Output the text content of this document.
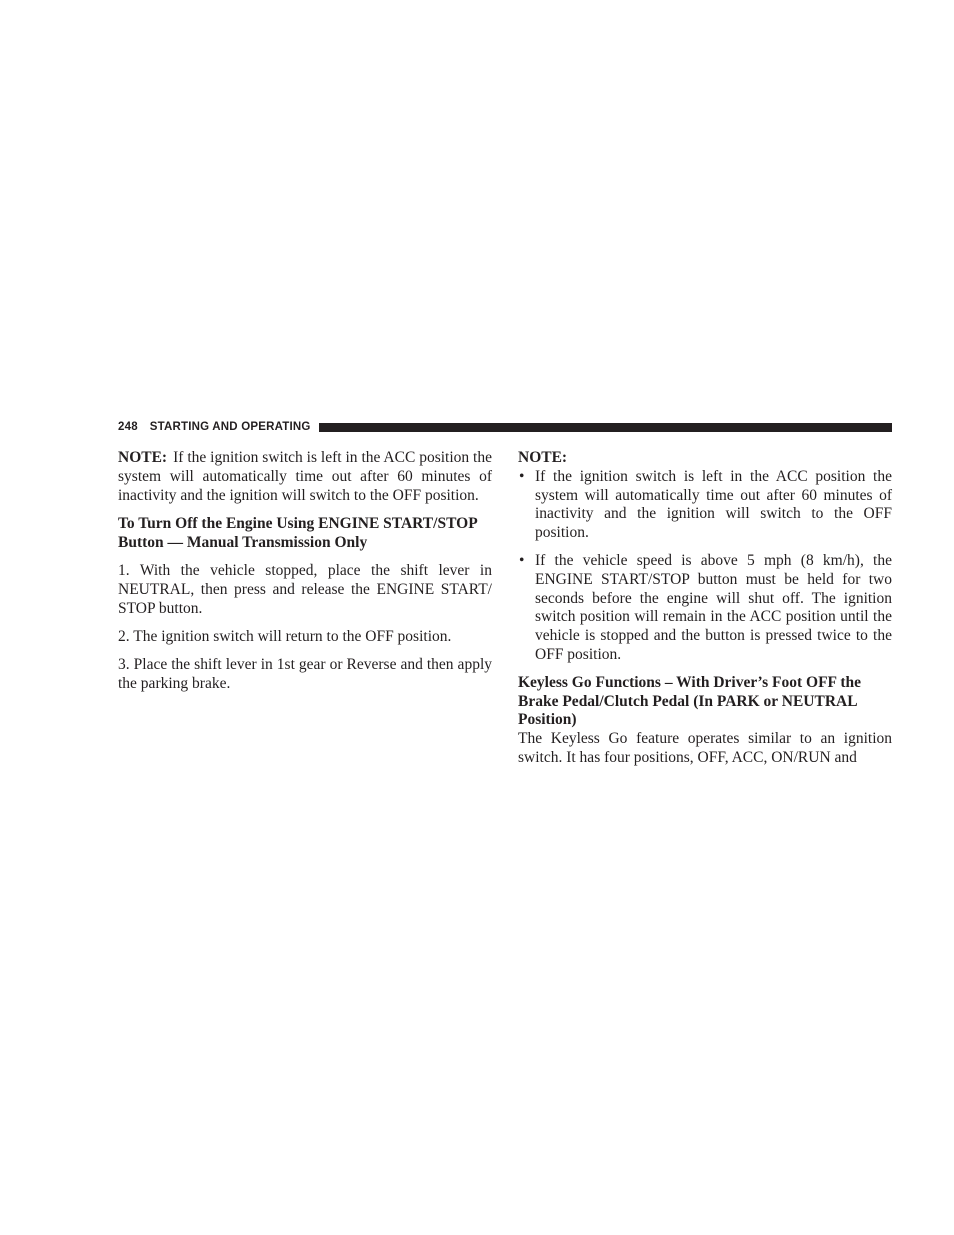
248 STARTING AND OPERATING

NOTE: If the ignition switch is left in the ACC position the system will automatically time out after 60 minutes of inactivity and the ignition will switch to the OFF position.

To Turn Off the Engine Using ENGINE START/STOP Button — Manual Transmission Only

1. With the vehicle stopped, place the shift lever in NEUTRAL, then press and release the ENGINE START/ STOP button.

2. The ignition switch will return to the OFF position.

3. Place the shift lever in 1st gear or Reverse and then apply the parking brake.

NOTE:

• If the ignition switch is left in the ACC position the system will automatically time out after 60 minutes of inactivity and the ignition will switch to the OFF position.
• If the vehicle speed is above 5 mph (8 km/h), the ENGINE START/STOP button must be held for two seconds before the engine will shut off. The ignition switch position will remain in the ACC position until the vehicle is stopped and the button is pressed twice to the OFF position.
Keyless Go Functions – With Driver’s Foot OFF the Brake Pedal/Clutch Pedal (In PARK or NEUTRAL Position)

The Keyless Go feature operates similar to an ignition switch. It has four positions, OFF, ACC, ON/RUN and
